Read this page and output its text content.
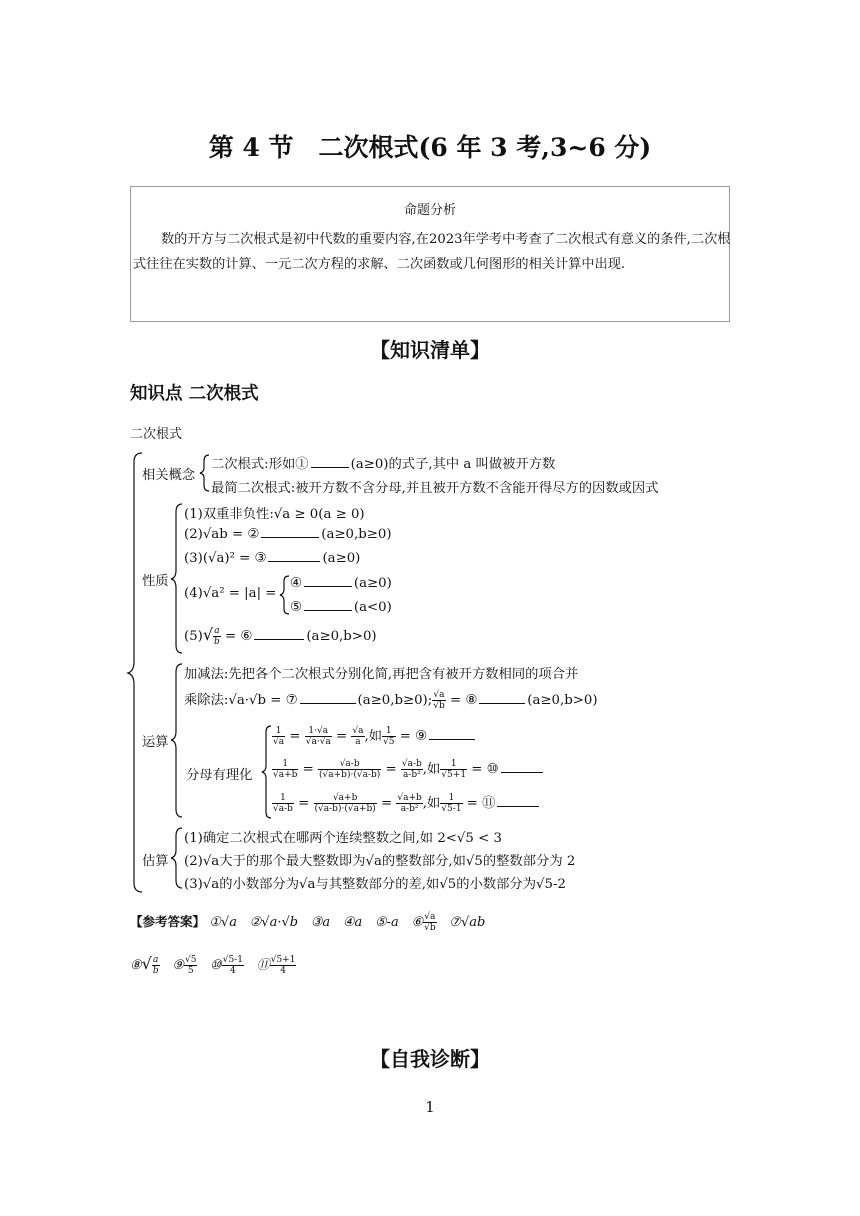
第 4 节　二次根式(6 年 3 考,3~6 分)
命题分析
数的开方与二次根式是初中代数的重要内容,在2023年学考中考查了二次根式有意义的条件,二次根式往往在实数的计算、一元二次方程的求解、二次函数或几何图形的相关计算中出现.
【知识清单】
知识点 二次根式
二次根式
相关概念
二次根式:形如①	(a≥0)的式子,其中 a 叫做被开方数
最简二次根式:被开方数不含分母,并且被开方数不含能开得尽方的因数或因式
性质
(1)双重非负性:√a ≥ 0(a ≥ 0)
(2)√ab = ②	(a≥0,b≥0)
(3)(√a)² = ③	(a≥0)
(4)√a² = |a| =
④	(a≥0)
⑤	(a<0)
$(5)√ \frac{a}{b}$ = ⑥	(a≥0,b>0)
运算
加减法:先把各个二次根式分别化简,再把含有被开方数相同的项合并
乘除法:√a·√b = ⑦	(a≥0,b≥0); $\frac{√a}{√b}$ = ⑧	(a≥0,b>0)
分母有理化
$\frac{1}{√a} = \frac{1\cdot√a}{√a\cdot√a} = \frac{√a}{a}$ ,如 $\frac{1}{√5}$ = ⑨
$\frac{1}{√a+b} = \frac{√a-b}{(√a+b)\cdot(√a-b)} = \frac{√a-b}{\text{a-b²}}$ ,如 $\frac{1}{√5+1}$ = ⑩
$\frac{1}{√a-b} = \frac{√a+b}{(√a-b)\cdot(√a+b)} = \frac{√a+b}{\text{a-b²}}$ ,如 $\frac{1}{√5-1}$ = ⑪
估算
(1)确定二次根式在哪两个连续整数之间,如 2<√5 < 3
(2)√a大于的那个最大整数即为√a的整数部分,如√5的整数部分为 2
(3)√a的小数部分为√a与其整数部分的差,如√5的小数部分为√5-2
【参考答案】 ①√a ②√a·√b ③a ④a ⑤-a ⑥ $\frac{√a}{√b}$ ⑦√ab
⑧√ $\frac{a}{b}$ ⑨ $\frac{√5}{5}$ ⑩ $\frac{√5-1}{4}$ ⑪ $\frac{√5+1}{4}$
【自我诊断】
1
